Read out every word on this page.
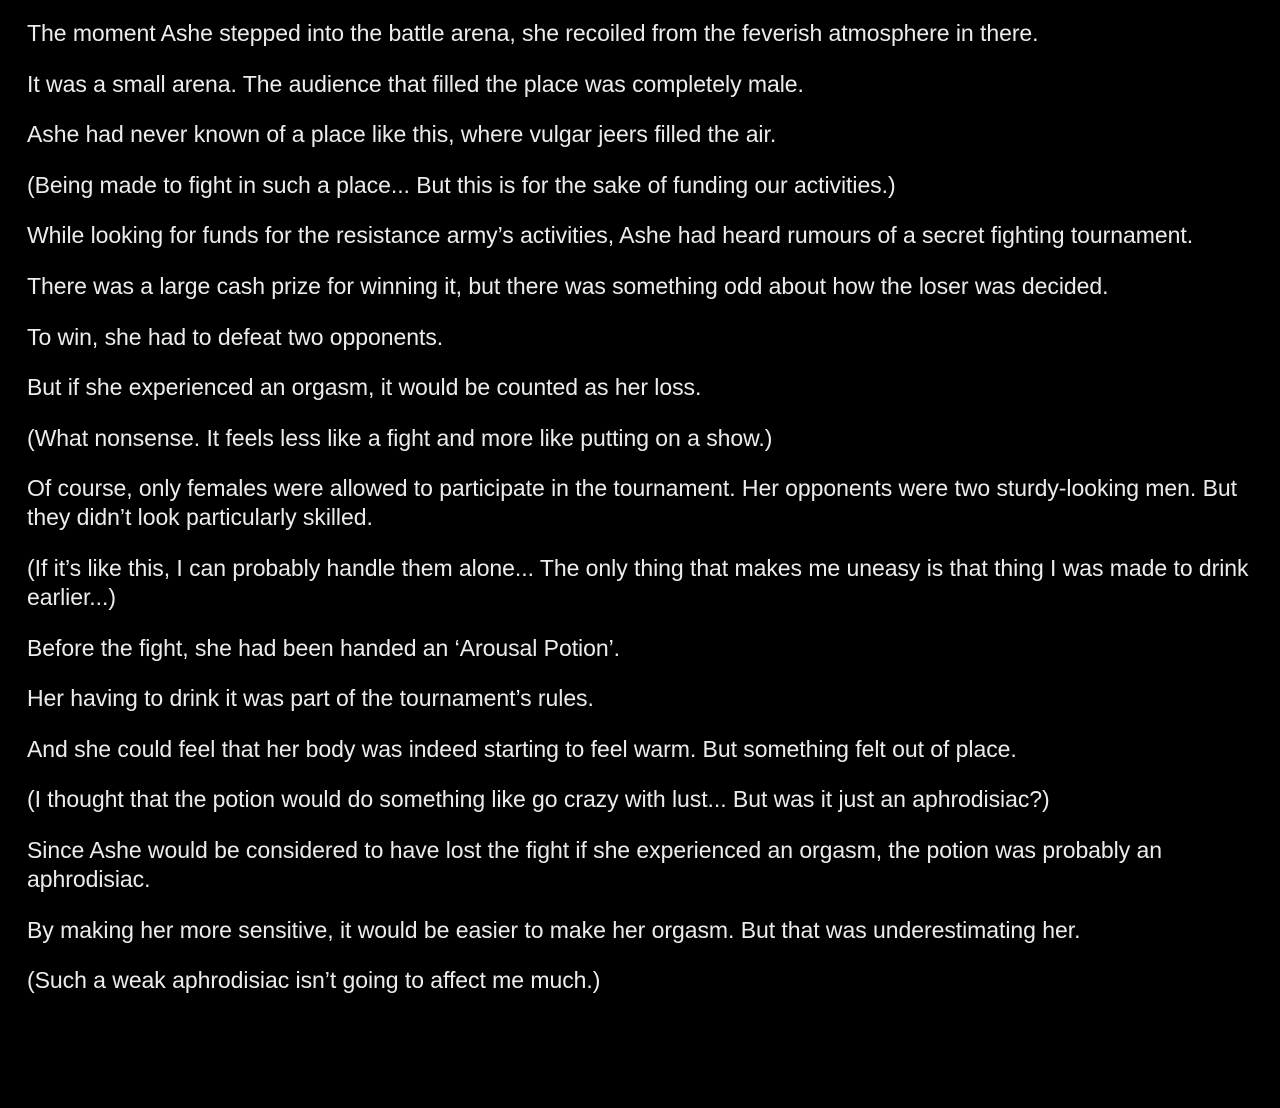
The moment Ashe stepped into the battle arena, she recoiled from the feverish atmosphere in there.

It was a small arena. The audience that filled the place was completely male.

Ashe had never known of a place like this, where vulgar jeers filled the air.

(Being made to fight in such a place... But this is for the sake of funding our activities.)

While looking for funds for the resistance army’s activities, Ashe had heard rumours of a secret fighting tournament.

There was a large cash prize for winning it, but there was something odd about how the loser was decided.

To win, she had to defeat two opponents.

But if she experienced an orgasm, it would be counted as her loss.

(What nonsense. It feels less like a fight and more like putting on a show.)

Of course, only females were allowed to participate in the tournament. Her opponents were two sturdy-looking men. But they didn’t look particularly skilled.

(If it’s like this, I can probably handle them alone... The only thing that makes me uneasy is that thing I was made to drink earlier...)

Before the fight, she had been handed an ‘Arousal Potion’.

Her having to drink it was part of the tournament’s rules.

And she could feel that her body was indeed starting to feel warm. But something felt out of place.

(I thought that the potion would do something like go crazy with lust... But was it just an aphrodisiac?)

Since Ashe would be considered to have lost the fight if she experienced an orgasm, the potion was probably an aphrodisiac.

By making her more sensitive, it would be easier to make her orgasm. But that was underestimating her.

(Such a weak aphrodisiac isn’t going to affect me much.)
